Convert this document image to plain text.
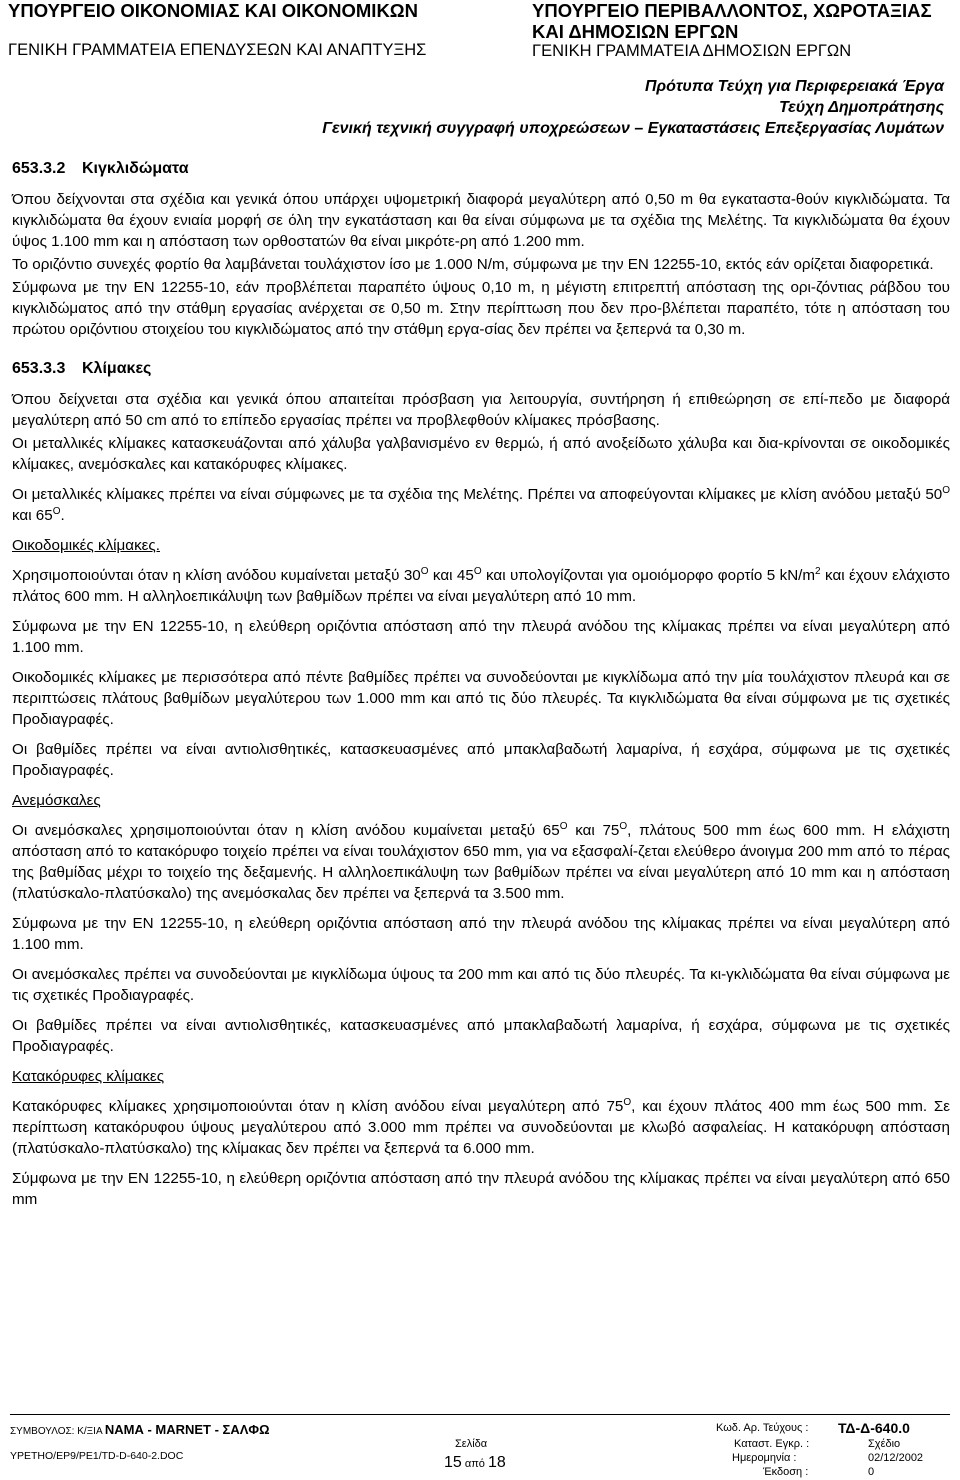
ΥΠΟΥΡΓΕΙΟ ΟΙΚΟΝΟΜΙΑΣ ΚΑΙ ΟΙΚΟΝΟΜΙΚΩΝ
ΓΕΝΙΚΗ ΓΡΑΜΜΑΤΕΙΑ ΕΠΕΝΔΥΣΕΩΝ ΚΑΙ ΑΝΑΠΤΥΞΗΣ
ΥΠΟΥΡΓΕΙΟ ΠΕΡΙΒΑΛΛΟΝΤΟΣ, ΧΩΡΟΤΑΞΙΑΣ
ΚΑΙ ΔΗΜΟΣΙΩΝ ΕΡΓΩΝ
ΓΕΝΙΚΗ ΓΡΑΜΜΑΤΕΙΑ ΔΗΜΟΣΙΩΝ ΕΡΓΩΝ
Πρότυπα Τεύχη για Περιφερειακά Έργα
Τεύχη Δημοπράτησης
Γενική τεχνική συγγραφή υποχρεώσεων – Εγκαταστάσεις Επεξεργασίας Λυμάτων
653.3.2 Κιγκλιδώματα

Όπου δείχνονται στα σχέδια και γενικά όπου υπάρχει υψομετρική διαφορά μεγαλύτερη από 0,50 m θα εγκαταστα-θούν κιγκλιδώματα. Τα κιγκλιδώματα θα έχουν ενιαία μορφή σε όλη την εγκατάσταση και θα είναι σύμφωνα με τα σχέδια της Μελέτης. Τα κιγκλιδώματα θα έχουν ύψος 1.100 mm και η απόσταση των ορθοστατών θα είναι μικρότε-ρη από 1.200 mm.

Το οριζόντιο συνεχές φορτίο θα λαμβάνεται τουλάχιστον ίσο με 1.000 N/m, σύμφωνα με την EN 12255-10, εκτός εάν ορίζεται διαφορετικά.

Σύμφωνα με την EN 12255-10, εάν προβλέπεται παραπέτο ύψους 0,10 m, η μέγιστη επιτρεπτή απόσταση της ορι-ζόντιας ράβδου του κιγκλιδώματος από την στάθμη εργασίας ανέρχεται σε 0,50 m. Στην περίπτωση που δεν προ-βλέπεται παραπέτο, τότε η απόσταση του πρώτου οριζόντιου στοιχείου του κιγκλιδώματος από την στάθμη εργα-σίας δεν πρέπει να ξεπερνά τα 0,30 m.

653.3.3 Κλίμακες

Όπου δείχνεται στα σχέδια και γενικά όπου απαιτείται πρόσβαση για λειτουργία, συντήρηση ή επιθεώρηση σε επί-πεδο με διαφορά μεγαλύτερη από 50 cm από το επίπεδο εργασίας πρέπει να προβλεφθούν κλίμακες πρόσβασης.

Οι μεταλλικές κλίμακες κατασκευάζονται από χάλυβα γαλβανισμένο εν θερμώ, ή από ανοξείδωτο χάλυβα και δια-κρίνονται σε οικοδομικές κλίμακες, ανεμόσκαλες και κατακόρυφες κλίμακες.

Οι μεταλλικές κλίμακες πρέπει να είναι σύμφωνες με τα σχέδια της Μελέτης. Πρέπει να αποφεύγονται κλίμακες με κλίση ανόδου μεταξύ $50^O$ και $65^O$.

Οικοδομικές κλίμακες.

Χρησιμοποιούνται όταν η κλίση ανόδου κυμαίνεται μεταξύ $30^O$ και $45^O$ και υπολογίζονται για ομοιόμορφο φορτίο 5 $kN/m^2$ και έχουν ελάχιστο πλάτος 600 mm. Η αλληλοεπικάλυψη των βαθμίδων πρέπει να είναι μεγαλύτερη από 10 mm.

Σύμφωνα με την EN 12255-10, η ελεύθερη οριζόντια απόσταση από την πλευρά ανόδου της κλίμακας πρέπει να είναι μεγαλύτερη από 1.100 mm.

Οικοδομικές κλίμακες με περισσότερα από πέντε βαθμίδες πρέπει να συνοδεύονται με κιγκλίδωμα από την μία τουλάχιστον πλευρά και σε περιπτώσεις πλάτους βαθμίδων μεγαλύτερου των 1.000 mm και από τις δύο πλευρές. Τα κιγκλιδώματα θα είναι σύμφωνα με τις σχετικές Προδιαγραφές.

Οι βαθμίδες πρέπει να είναι αντιολισθητικές, κατασκευασμένες από μπακλαβαδωτή λαμαρίνα, ή εσχάρα, σύμφωνα με τις σχετικές Προδιαγραφές.

Ανεμόσκαλες

Οι ανεμόσκαλες χρησιμοποιούνται όταν η κλίση ανόδου κυμαίνεται μεταξύ $65^O$ και $75^O$, πλάτους 500 mm έως 600 mm. Η ελάχιστη απόσταση από το κατακόρυφο τοιχείο πρέπει να είναι τουλάχιστον 650 mm, για να εξασφαλί-ζεται ελεύθερο άνοιγμα 200 mm από το πέρας της βαθμίδας μέχρι το τοιχείο της δεξαμενής. Η αλληλοεπικάλυψη των βαθμίδων πρέπει να είναι μεγαλύτερη από 10 mm και η απόσταση (πλατύσκαλο-πλατύσκαλο) της ανεμόσκαλας δεν πρέπει να ξεπερνά τα 3.500 mm.

Σύμφωνα με την EN 12255-10, η ελεύθερη οριζόντια απόσταση από την πλευρά ανόδου της κλίμακας πρέπει να είναι μεγαλύτερη από 1.100 mm.

Οι ανεμόσκαλες πρέπει να συνοδεύονται με κιγκλίδωμα ύψους τα 200 mm και από τις δύο πλευρές. Τα κι-γκλιδώματα θα είναι σύμφωνα με τις σχετικές Προδιαγραφές.

Οι βαθμίδες πρέπει να είναι αντιολισθητικές, κατασκευασμένες από μπακλαβαδωτή λαμαρίνα, ή εσχάρα, σύμφωνα με τις σχετικές Προδιαγραφές.

Κατακόρυφες κλίμακες

Κατακόρυφες κλίμακες χρησιμοποιούνται όταν η κλίση ανόδου είναι μεγαλύτερη από $75^O$, και έχουν πλάτος 400 mm έως 500 mm. Σε περίπτωση κατακόρυφου ύψους μεγαλύτερου από 3.000 mm πρέπει να συνοδεύονται με κλωβό ασφαλείας. Η κατακόρυφη απόσταση (πλατύσκαλο-πλατύσκαλο) της κλίμακας δεν πρέπει να ξεπερνά τα 6.000 mm.

Σύμφωνα με την EN 12255-10, η ελεύθερη οριζόντια απόσταση από την πλευρά ανόδου της κλίμακας πρέπει να είναι μεγαλύτερη από 650 mm

ΣΥΜΒΟΥΛΟΣ: Κ/ΞΙΑ ΝΑΜΑ - MARNET - ΣΑΛΦΩ
YPETHO/EP9/PE1/TD-D-640-2.DOC
Σελίδα
15 από 18
Κωδ. Αρ. Τεύχους :
Καταστ. Εγκρ. :
Ημερομηνία :
Έκδοση :
ΤΔ-Δ-640.0
Σχέδιο
02/12/2002
0
